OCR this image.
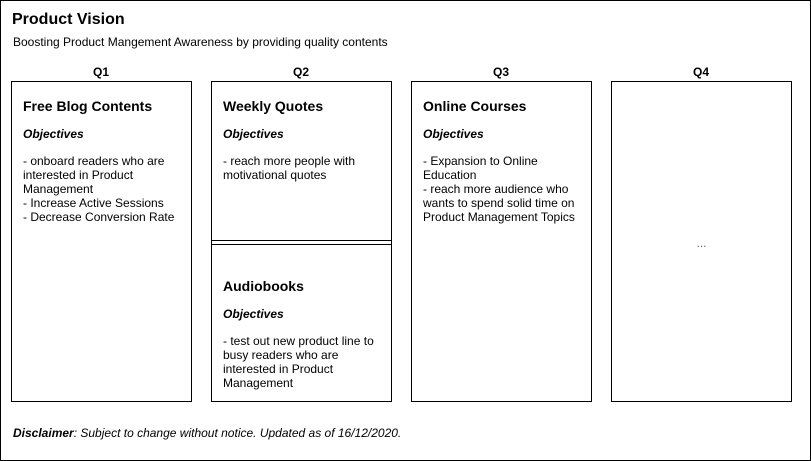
Product Vision
Boosting Product Mangement Awareness by providing quality contents
Q1	Q2	Q3	Q4
Free Blog Contents
Objectives
- onboard readers who are
interested in Product
Management
- Increase Active Sessions
- Decrease Conversion Rate
Weekly Quotes
Objectives
- reach more people with
motivational quotes
Audiobooks
Objectives
- test out new product line to
busy readers who are
interested in Product
Management
Online Courses
Objectives
- Expansion to Online
Education
- reach more audience who
wants to spend solid time on
Product Management Topics
...
Disclaimer: Subject to change without notice. Updated as of 16/12/2020.
